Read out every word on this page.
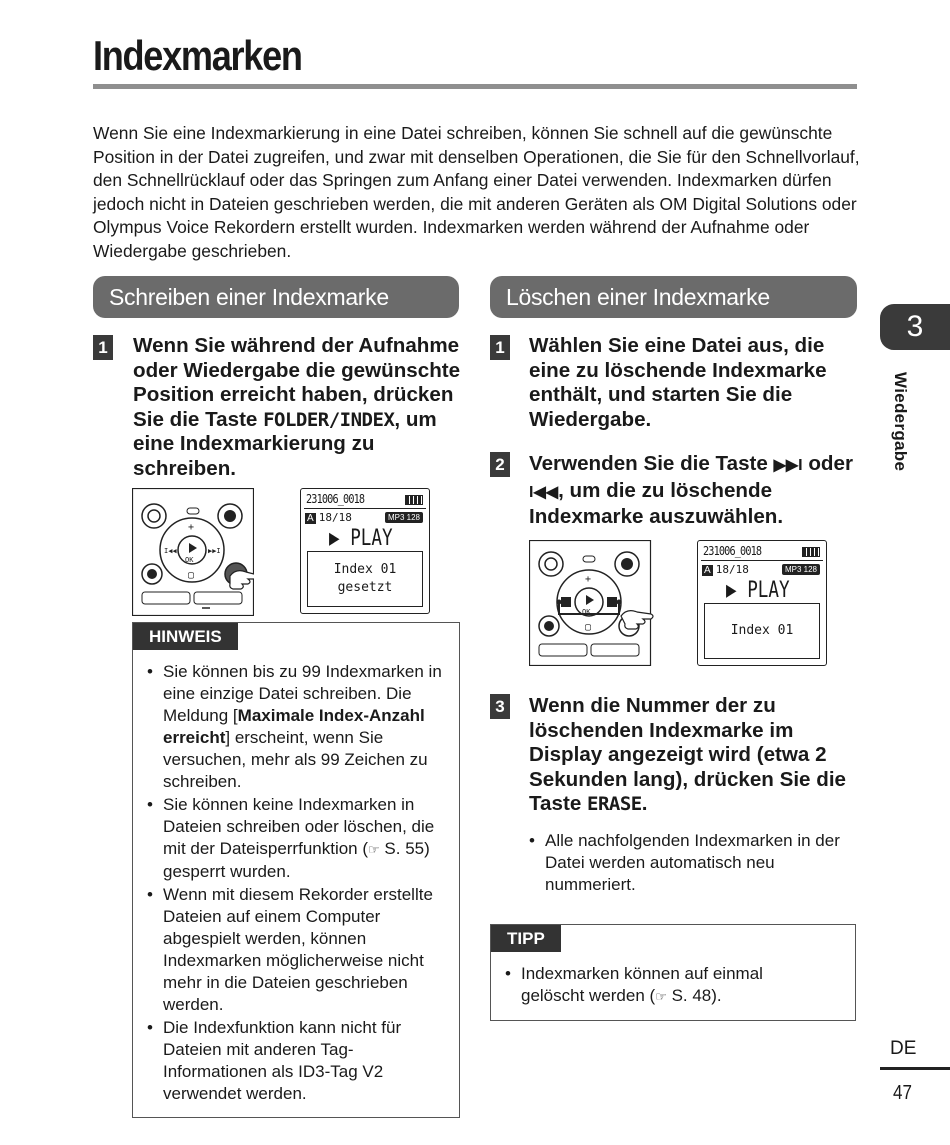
Indexmarken

Wenn Sie eine Indexmarkierung in eine Datei schreiben, können Sie schnell auf die gewünschte Position in der Datei zugreifen, und zwar mit denselben Operationen, die Sie für den Schnellvorlauf, den Schnellrücklauf oder das Springen zum Anfang einer Datei verwenden. Indexmarken dürfen jedoch nicht in Dateien geschrieben werden, die mit anderen Geräten als OM Digital Solutions oder Olympus Voice Rekordern erstellt wurden. Indexmarken werden während der Aufnahme oder Wiedergabe geschrieben.

Schreiben einer Indexmarke
1 Wenn Sie während der Aufnahme oder Wiedergabe die gewünschte Position erreicht haben, drücken Sie die Taste FOLDER/INDEX, um eine Indexmarkierung zu schreiben.

OK
+
▢
I◀◀	▶▶I
231006_0018
A 18/18	MP3 128
▶ PLAY
Index 01
gesetzt
HINWEIS
• Sie können bis zu 99 Indexmarken in eine einzige Datei schreiben. Die Meldung [Maximale Index-Anzahl erreicht] erscheint, wenn Sie versuchen, mehr als 99 Zeichen zu schreiben.
• Sie können keine Indexmarken in Dateien schreiben oder löschen, die mit der Dateisperrfunktion (☞ S. 55) gesperrt wurden.
• Wenn mit diesem Rekorder erstellte Dateien auf einem Computer abgespielt werden, können Indexmarken möglicherweise nicht mehr in die Dateien geschrieben werden.
• Die Indexfunktion kann nicht für Dateien mit anderen Tag-Informationen als ID3-Tag V2 verwendet werden.
Löschen einer Indexmarke
1 Wählen Sie eine Datei aus, die eine zu löschende Indexmarke enthält, und starten Sie die Wiedergabe.

2 Verwenden Sie die Taste ▶▶I oder I◀◀, um die zu löschende Indexmarke auszuwählen.

OK
+
▢
231006_0018
A 18/18	MP3 128
▶ PLAY
Index 01
3 Wenn die Nummer der zu löschenden Indexmarke im Display angezeigt wird (etwa 2 Sekunden lang), drücken Sie die Taste ERASE.

• Alle nachfolgenden Indexmarken in der Datei werden automatisch neu nummeriert.
TIPP
• Indexmarken können auf einmal gelöscht werden (☞ S. 48).
3
Wiedergabe
DE
47
